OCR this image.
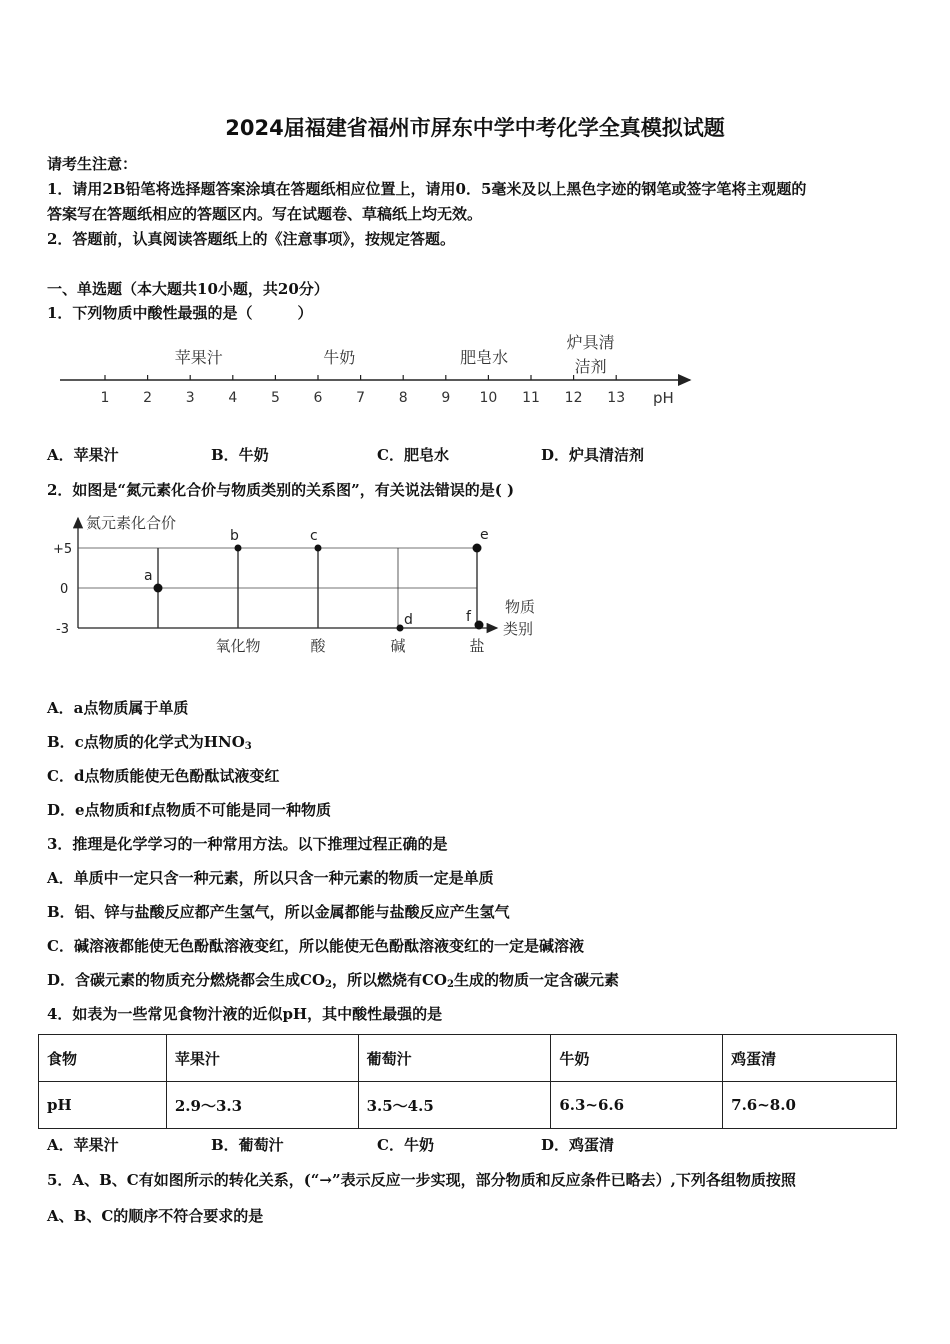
2024届福建省福州市屏东中学中考化学全真模拟试题
请考生注意：
1．请用2B铅笔将选择题答案涂填在答题纸相应位置上，请用0．5毫米及以上黑色字迹的钢笔或签字笔将主观题的
答案写在答题纸相应的答题区内。写在试题卷、草稿纸上均无效。
2．答题前，认真阅读答题纸上的《注意事项》，按规定答题。
一、单选题（本大题共10小题，共20分）
1．下列物质中酸性最强的是（　　　）
1 2 3 4 5 6 7 8 9 10 11 12 13
苹果汁	牛奶	肥皂水
炉具清
洁剂
pH
A．苹果汁	B．牛奶	C．肥皂水	D．炉具清洁剂
2．如图是“氮元素化合价与物质类别的关系图”，有关说法错误的是( )
氮元素化合价
+5
0
-3
物质
类别
氧化物	酸	碱	盐
a
b	c
d
e
f
A．a点物质属于单质
B．c点物质的化学式为$HNO_3$
C．d点物质能使无色酚酞试液变红
D．e点物质和f点物质不可能是同一种物质
3．推理是化学学习的一种常用方法。以下推理过程正确的是
A．单质中一定只含一种元素，所以只含一种元素的物质一定是单质
B．铝、锌与盐酸反应都产生氢气，所以金属都能与盐酸反应产生氢气
C．碱溶液都能使无色酚酞溶液变红，所以能使无色酚酞溶液变红的一定是碱溶液
D．含碳元素的物质充分燃烧都会生成$CO_2$，所以燃烧有$CO_2$生成的物质一定含碳元素
4．如表为一些常见食物汁液的近似pH，其中酸性最强的是
食物	苹果汁	葡萄汁	牛奶	鸡蛋清
pH	2.9～3.3	3.5～4.5	6.3~6.6	7.6~8.0
A．苹果汁	B．葡萄汁	C．牛奶	D．鸡蛋清
5．A、B、C有如图所示的转化关系，(“→”表示反应一步实现，部分物质和反应条件已略去）,下列各组物质按照
A、B、C的顺序不符合要求的是
